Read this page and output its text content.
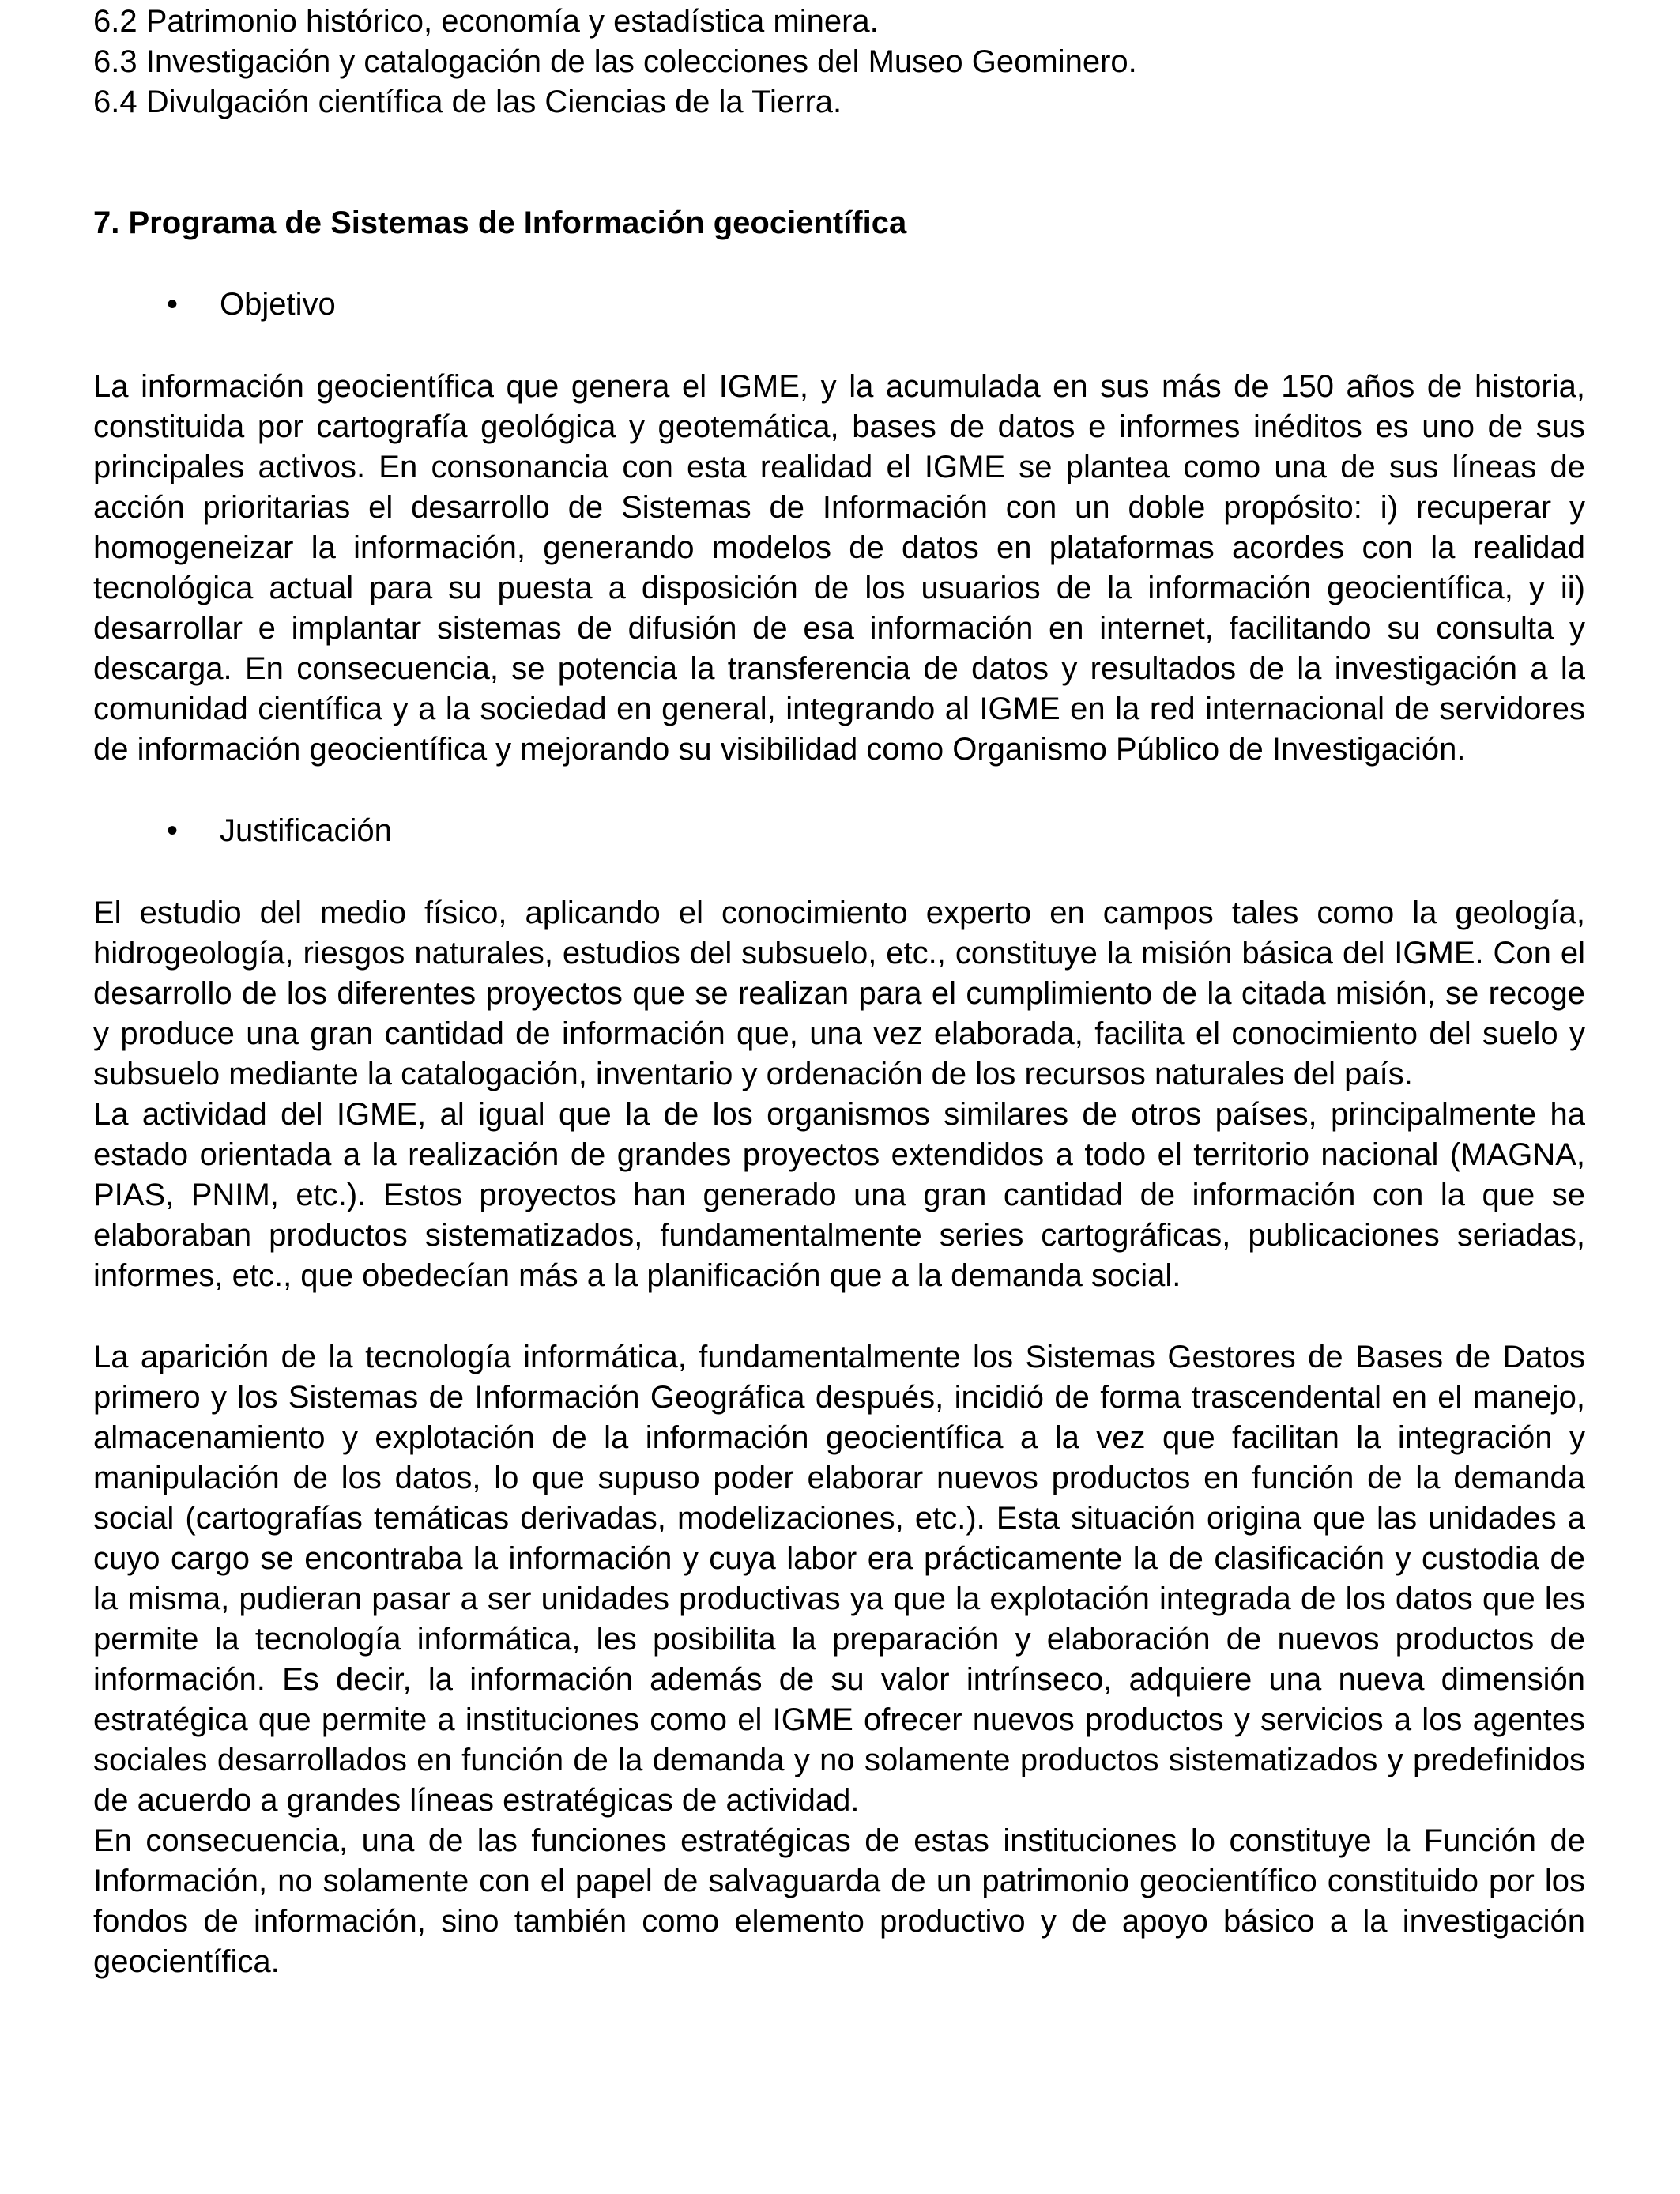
6.2 Patrimonio histórico, economía y estadística minera.
6.3 Investigación y catalogación de las colecciones del Museo Geominero.
6.4 Divulgación científica de las Ciencias de la Tierra.
7. Programa de Sistemas de Información geocientífica
•	Objetivo

La información geocientífica que genera el IGME, y la acumulada en sus más de 150 años de historia, constituida por cartografía geológica y geotemática, bases de datos e informes inéditos es uno de sus principales activos. En consonancia con esta realidad el IGME se plantea como una de sus líneas de acción prioritarias el desarrollo de Sistemas de Información con un doble propósito: i) recuperar y homogeneizar la información, generando modelos de datos en plataformas acordes con la realidad tecnológica actual para su puesta a disposición de los usuarios de la información geocientífica, y ii) desarrollar e implantar sistemas de difusión de esa información en internet, facilitando su consulta y descarga. En consecuencia, se potencia la transferencia de datos y resultados de la investigación a la comunidad científica y a la sociedad en general, integrando al IGME en la red internacional de servidores de información geocientífica y mejorando su visibilidad como Organismo Público de Investigación.

•	Justificación

El estudio del medio físico, aplicando el conocimiento experto en campos tales como la geología, hidrogeología, riesgos naturales, estudios del subsuelo, etc., constituye la misión básica del IGME. Con el desarrollo de los diferentes proyectos que se realizan para el cumplimiento de la citada misión, se recoge y produce una gran cantidad de información que, una vez elaborada, facilita el conocimiento del suelo y subsuelo mediante la catalogación, inventario y ordenación de los recursos naturales del país.

La actividad del IGME, al igual que la de los organismos similares de otros países, principalmente ha estado orientada a la realización de grandes proyectos extendidos a todo el territorio nacional (MAGNA, PIAS, PNIM, etc.). Estos proyectos han generado una gran cantidad de información con la que se elaboraban productos sistematizados, fundamentalmente series cartográficas, publicaciones seriadas, informes, etc., que obedecían más a la planificación que a la demanda social.

La aparición de la tecnología informática, fundamentalmente los Sistemas Gestores de Bases de Datos primero y los Sistemas de Información Geográfica después, incidió de forma trascendental en el manejo, almacenamiento y explotación de la información geocientífica a la vez que facilitan la integración y manipulación de los datos, lo que supuso poder elaborar nuevos productos en función de la demanda social (cartografías temáticas derivadas, modelizaciones, etc.). Esta situación origina que las unidades a cuyo cargo se encontraba la información y cuya labor era prácticamente la de clasificación y custodia de la misma, pudieran pasar a ser unidades productivas ya que la explotación integrada de los datos que les permite la tecnología informática, les posibilita la preparación y elaboración de nuevos productos de información. Es decir, la información además de su valor intrínseco, adquiere una nueva dimensión estratégica que permite a instituciones como el IGME ofrecer nuevos productos y servicios a los agentes sociales desarrollados en función de la demanda y no solamente productos sistematizados y predefinidos de acuerdo a grandes líneas estratégicas de actividad.

En consecuencia, una de las funciones estratégicas de estas instituciones lo constituye la Función de Información, no solamente con el papel de salvaguarda de un patrimonio geocientífico constituido por los fondos de información, sino también como elemento productivo y de apoyo básico a la investigación geocientífica.
